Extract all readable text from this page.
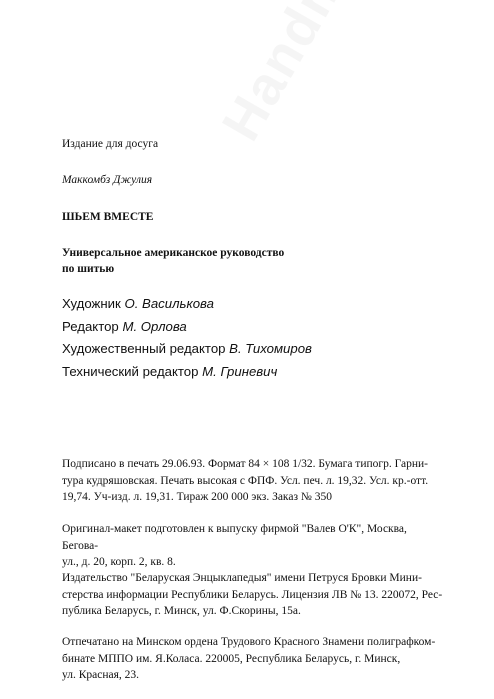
Издание для досуга
Маккомбз Джулия
ШЬЕМ ВМЕСТЕ
Универсальное американское руководство
по шитью
Художник О. Василькова
Редактор М. Орлова
Художественный редактор В. Тихомиров
Технический редактор М. Гриневич
Подписано в печать 29.06.93. Формат 84 × 108 1/32. Бумага типогр. Гарни-
тура кудряшовская. Печать высокая с ФПФ. Усл. печ. л. 19,32. Усл. кр.-отт.
19,74. Уч-изд. л. 19,31. Тираж 200 000 экз. Заказ № 350
Оригинал-макет подготовлен к выпуску фирмой "Валев О'К", Москва, Бегова-
ул., д. 20, корп. 2, кв. 8.
Издательство "Беларуская Энцыклапедыя" имени Петруся Бровки Мини-
стерства информации Республики Беларусь. Лицензия ЛВ № 13. 220072, Рес-
публика Беларусь, г. Минск, ул. Ф.Скорины, 15а.
Отпечатано на Минском ордена Трудового Красного Знамени полиграфком-
бинате МППО им. Я.Коласа. 220005, Республика Беларусь, г. Минск,
ул. Красная, 23.
